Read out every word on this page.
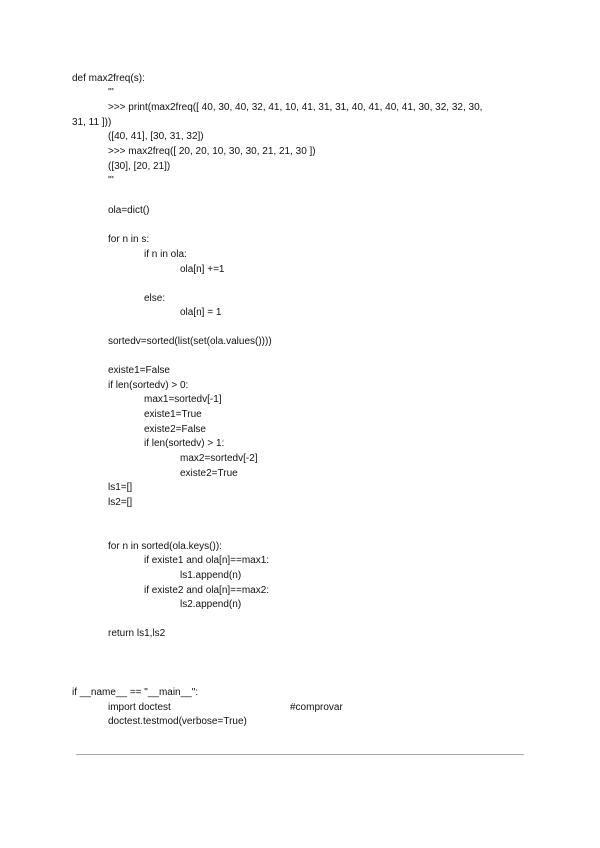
def max2freq(s):
'''
>>> print(max2freq([ 40, 30, 40, 32, 41, 10, 41, 31, 31, 40, 41, 40, 41, 30, 32, 32, 30,
31, 11 ]))
([40, 41], [30, 31, 32])
>>> max2freq([ 20, 20, 10, 30, 30, 21, 21, 30 ])
([30], [20, 21])
'''
ola=dict()
for n in s:
if n in ola:
ola[n] +=1
else:
ola[n] = 1
sortedv=sorted(list(set(ola.values())))
existe1=False
if len(sortedv) > 0:
max1=sortedv[-1]
existe1=True
existe2=False
if len(sortedv) > 1:
max2=sortedv[-2]
existe2=True
ls1=[]
ls2=[]
for n in sorted(ola.keys()):
if existe1 and ola[n]==max1:
ls1.append(n)
if existe2 and ola[n]==max2:
ls2.append(n)
return ls1,ls2
if __name__ == "__main__":
import doctest	#comprovar
doctest.testmod(verbose=True)
